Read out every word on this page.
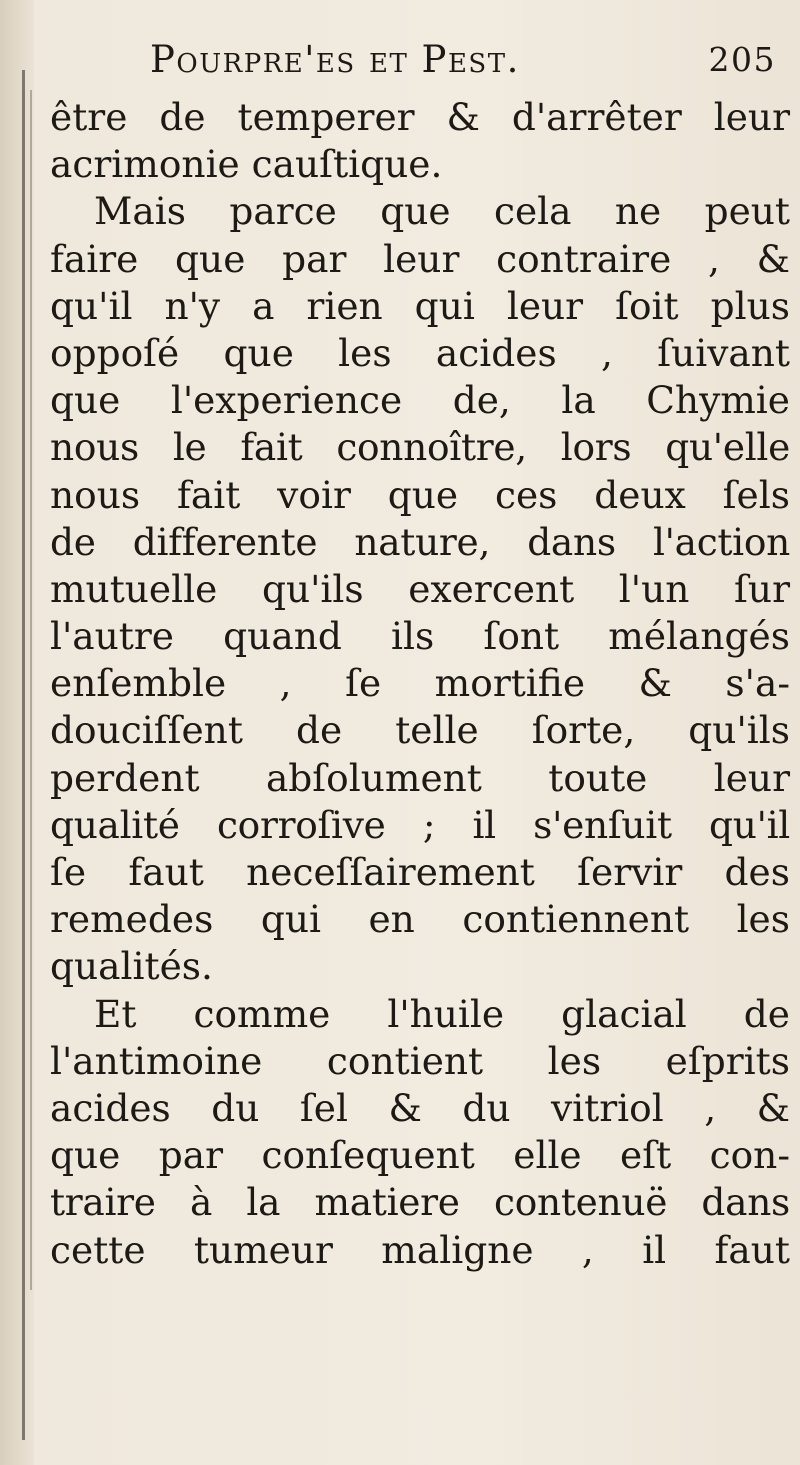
Pourpre'es et Pest.	205
être de temperer & d'arrêter leur
acrimonie cauſtique.
Mais parce que cela ne peut
faire que par leur contraire , &
qu'il n'y a rien qui leur ſoit plus
oppoſé que les acides , ſuivant
que l'experience de, la Chymie
nous le fait connoître, lors qu'elle
nous fait voir que ces deux ſels
de differente nature, dans l'action
mutuelle qu'ils exercent l'un ſur
l'autre quand ils ſont mélangés
enſemble , ſe mortifie & s'a-
douciſſent de telle ſorte, qu'ils
perdent abſolument toute leur
qualité corroſive ; il s'enſuit qu'il
ſe faut neceſſairement ſervir des
remedes qui en contiennent les
qualités.
Et comme l'huile glacial de
l'antimoine contient les eſprits
acides du ſel & du vitriol , &
que par conſequent elle eſt con-
traire à la matiere contenuë dans
cette tumeur maligne , il faut
